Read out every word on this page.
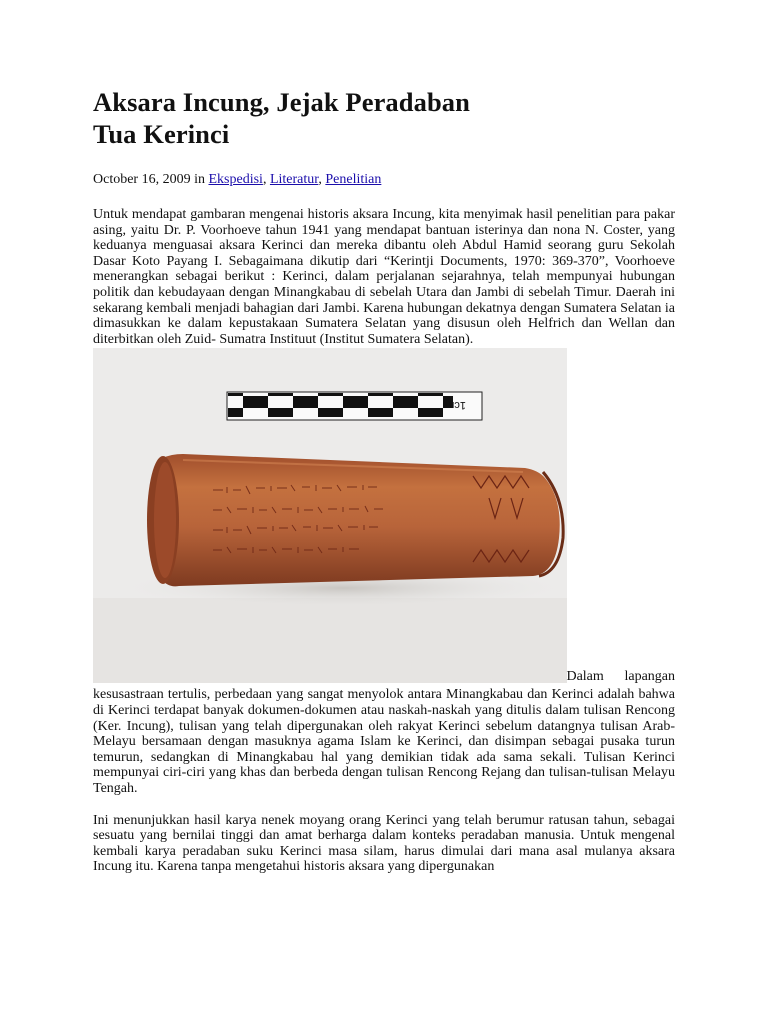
Aksara Incung, Jejak Peradaban
Tua Kerinci
October 16, 2009 in Ekspedisi, Literatur, Penelitian

Untuk mendapat gambaran mengenai historis aksara Incung, kita menyimak hasil penelitian para pakar asing, yaitu Dr. P. Voorhoeve tahun 1941 yang mendapat bantuan isterinya dan nona N. Coster, yang keduanya menguasai aksara Kerinci dan mereka dibantu oleh Abdul Hamid seorang guru Sekolah Dasar Koto Payang I. Sebagaimana dikutip dari “Kerintji Documents, 1970: 369-370”, Voorhoeve menerangkan sebagai berikut : Kerinci, dalam perjalanan sejarahnya, telah mempunyai hubungan politik dan kebudayaan dengan Minangkabau di sebelah Utara dan Jambi di sebelah Timur. Daerah ini sekarang kembali menjadi bahagian dari Jambi. Karena hubungan dekatnya dengan Sumatera Selatan ia dimasukkan ke dalam kepustakaan Sumatera Selatan yang disusun oleh Helfrich dan Wellan dan diterbitkan oleh Zuid- Sumatra Instituut (Institut Sumatera Selatan).

1cm
Dalam lapangan

kesusastraan tertulis, perbedaan yang sangat menyolok antara Minangkabau dan Kerinci adalah bahwa di Kerinci terdapat banyak dokumen-dokumen atau naskah-naskah yang ditulis dalam tulisan Rencong (Ker. Incung), tulisan yang telah dipergunakan oleh rakyat Kerinci sebelum datangnya tulisan Arab-Melayu bersamaan dengan masuknya agama Islam ke Kerinci, dan disimpan sebagai pusaka turun temurun, sedangkan di Minangkabau hal yang demikian tidak ada sama sekali. Tulisan Kerinci mempunyai ciri-ciri yang khas dan berbeda dengan tulisan Rencong Rejang dan tulisan-tulisan Melayu Tengah.

Ini menunjukkan hasil karya nenek moyang orang Kerinci yang telah berumur ratusan tahun, sebagai sesuatu yang bernilai tinggi dan amat berharga dalam konteks peradaban manusia. Untuk mengenal kembali karya peradaban suku Kerinci masa silam, harus dimulai dari mana asal mulanya aksara Incung itu. Karena tanpa mengetahui historis aksara yang dipergunakan
